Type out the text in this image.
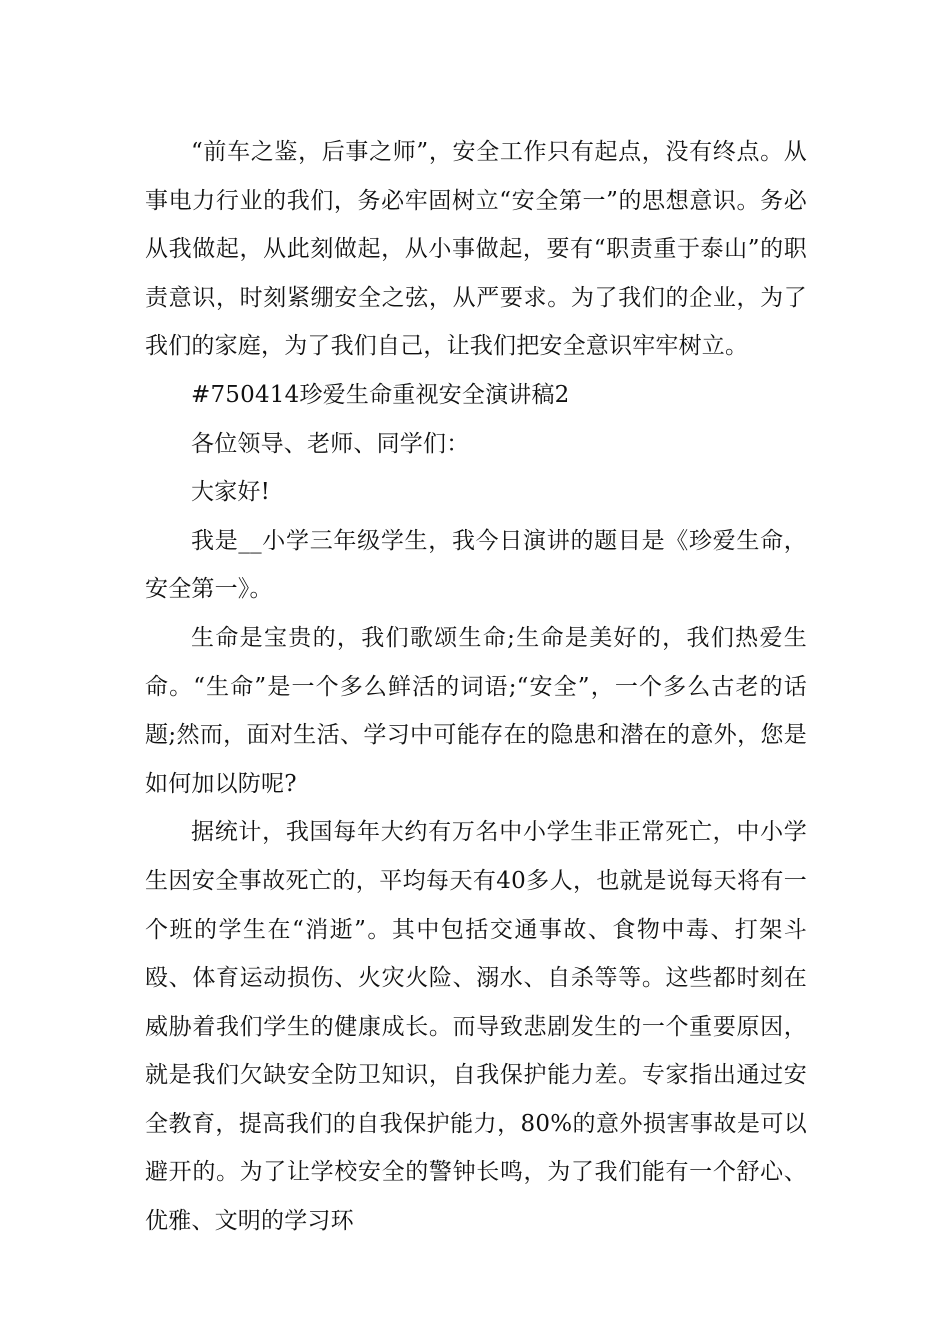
“前车之鉴，后事之师”，安全工作只有起点，没有终点。从事电力行业的我们，务必牢固树立“安全第一”的思想意识。务必从我做起，从此刻做起，从小事做起，要有“职责重于泰山”的职责意识，时刻紧绷安全之弦，从严要求。为了我们的企业，为了我们的家庭，为了我们自己，让我们把安全意识牢牢树立。

#750414珍爱生命重视安全演讲稿2

各位领导、老师、同学们：

大家好!

我是__小学三年级学生，我今日演讲的题目是《珍爱生命，安全第一》。

生命是宝贵的，我们歌颂生命;生命是美好的，我们热爱生命。“生命”是一个多么鲜活的词语;“安全”，一个多么古老的话题;然而，面对生活、学习中可能存在的隐患和潜在的意外，您是如何加以防呢?

据统计，我国每年大约有万名中小学生非正常死亡，中小学生因安全事故死亡的，平均每天有40多人，也就是说每天将有一个班的学生在“消逝”。其中包括交通事故、食物中毒、打架斗殴、体育运动损伤、火灾火险、溺水、自杀等等。这些都时刻在威胁着我们学生的健康成长。而导致悲剧发生的一个重要原因，就是我们欠缺安全防卫知识，自我保护能力差。专家指出通过安全教育，提高我们的自我保护能力，80%的意外损害事故是可以避开的。为了让学校安全的警钟长鸣，为了我们能有一个舒心、优雅、文明的学习环
